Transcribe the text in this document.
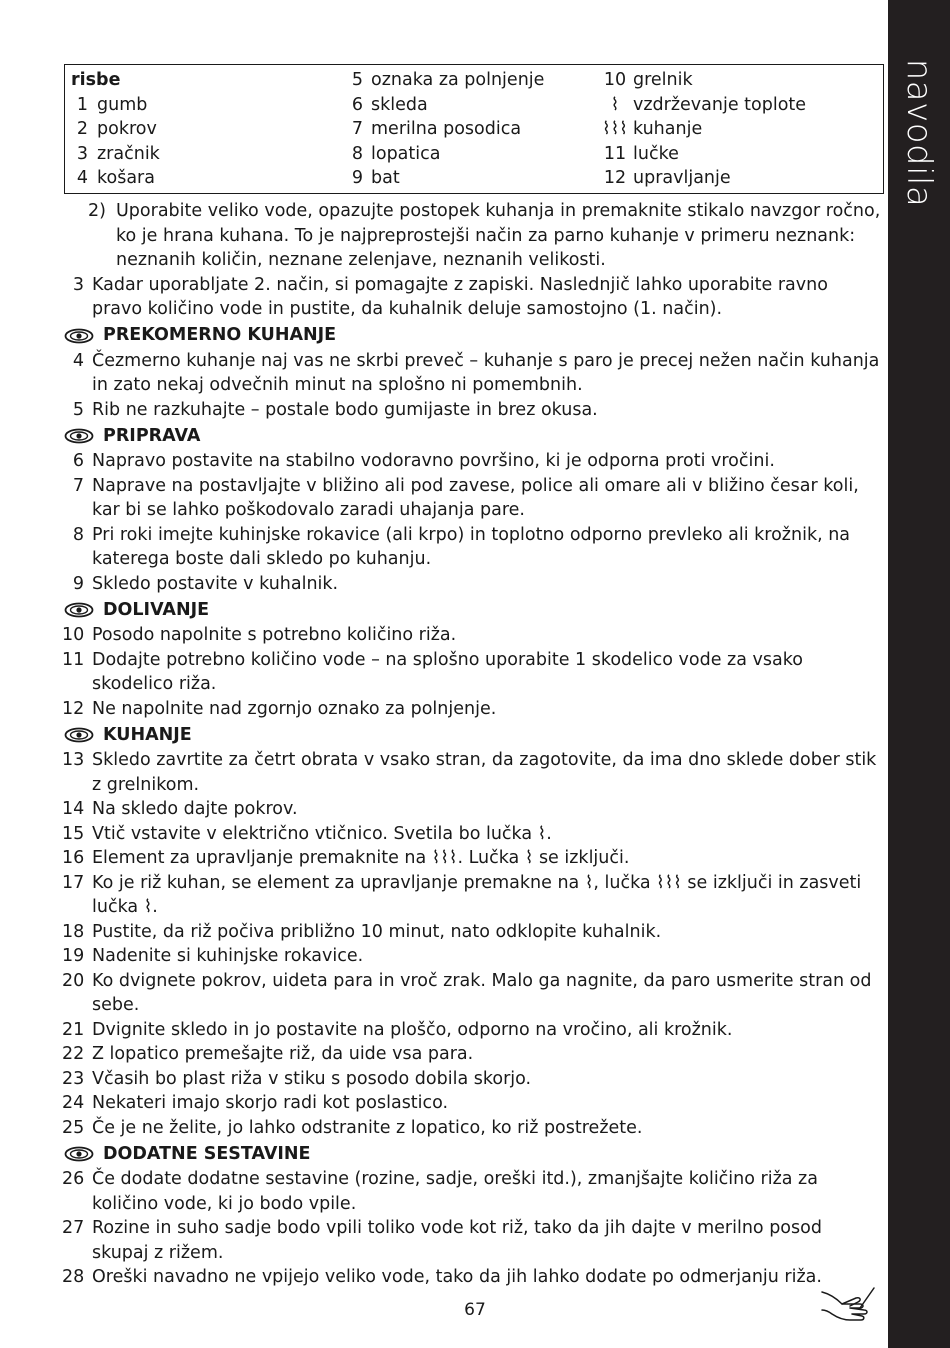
navodila
risbe
1 gumb
2 pokrov
3 zračnik
4 košara
5 oznaka za polnjenje
6 skleda
7 merilna posodica
8 lopatica
9 bat
10 grelnik
⌇ vzdrževanje toplote
⌇⌇⌇ kuhanje
11 lučke
12 upravljanje
2) Uporabite veliko vode, opazujte postopek kuhanja in premaknite stikalo navzgor ročno, ko je hrana kuhana. To je najpreprostejši način za parno kuhanje v primeru neznank: neznanih količin, neznane zelenjave, neznanih velikosti.
3 Kadar uporabljate 2. način, si pomagajte z zapiski. Naslednjič lahko uporabite ravno pravo količino vode in pustite, da kuhalnik deluje samostojno (1. način).
PREKOMERNO KUHANJE
4 Čezmerno kuhanje naj vas ne skrbi preveč – kuhanje s paro je precej nežen način kuhanja in zato nekaj odvečnih minut na splošno ni pomembnih.
5 Rib ne razkuhajte – postale bodo gumijaste in brez okusa.
PRIPRAVA
6 Napravo postavite na stabilno vodoravno površino, ki je odporna proti vročini.
7 Naprave na postavljajte v bližino ali pod zavese, police ali omare ali v bližino česar koli, kar bi se lahko poškodovalo zaradi uhajanja pare.
8 Pri roki imejte kuhinjske rokavice (ali krpo) in toplotno odporno prevleko ali krožnik, na katerega boste dali skledo po kuhanju.
9 Skledo postavite v kuhalnik.
DOLIVANJE
10 Posodo napolnite s potrebno količino riža.
11 Dodajte potrebno količino vode – na splošno uporabite 1 skodelico vode za vsako skodelico riža.
12 Ne napolnite nad zgornjo oznako za polnjenje.
KUHANJE
13 Skledo zavrtite za četrt obrata v vsako stran, da zagotovite, da ima dno sklede dober stik z grelnikom.
14 Na skledo dajte pokrov.
15 Vtič vstavite v električno vtičnico. Svetila bo lučka ⌇.
16 Element za upravljanje premaknite na ⌇⌇⌇. Lučka ⌇ se izklјuči.
17 Ko je riž kuhan, se element za upravljanje premakne na ⌇, lučka ⌇⌇⌇ se izklјuči in zasveti lučka ⌇.
18 Pustite, da riž počiva približno 10 minut, nato odklopite kuhalnik.
19 Nadenite si kuhinjske rokavice.
20 Ko dvignete pokrov, uideta para in vroč zrak. Malo ga nagnite, da paro usmerite stran od sebe.
21 Dvignite skledo in jo postavite na ploščo, odporno na vročino, ali krožnik.
22 Z lopatico premešajte riž, da uide vsa para.
23 Včasih bo plast riža v stiku s posodo dobila skorjo.
24 Nekateri imajo skorjo radi kot poslastico.
25 Če je ne želite, jo lahko odstranite z lopatico, ko riž postrežete.
DODATNE SESTAVINE
26 Če dodate dodatne sestavine (rozine, sadje, oreški itd.), zmanjšajte količino riža za količino vode, ki jo bodo vpile.
27 Rozine in suho sadje bodo vpili toliko vode kot riž, tako da jih dajte v merilno posod skupaj z rižem.
28 Oreški navadno ne vpijejo veliko vode, tako da jih lahko dodate po odmerjanju riža.
67
